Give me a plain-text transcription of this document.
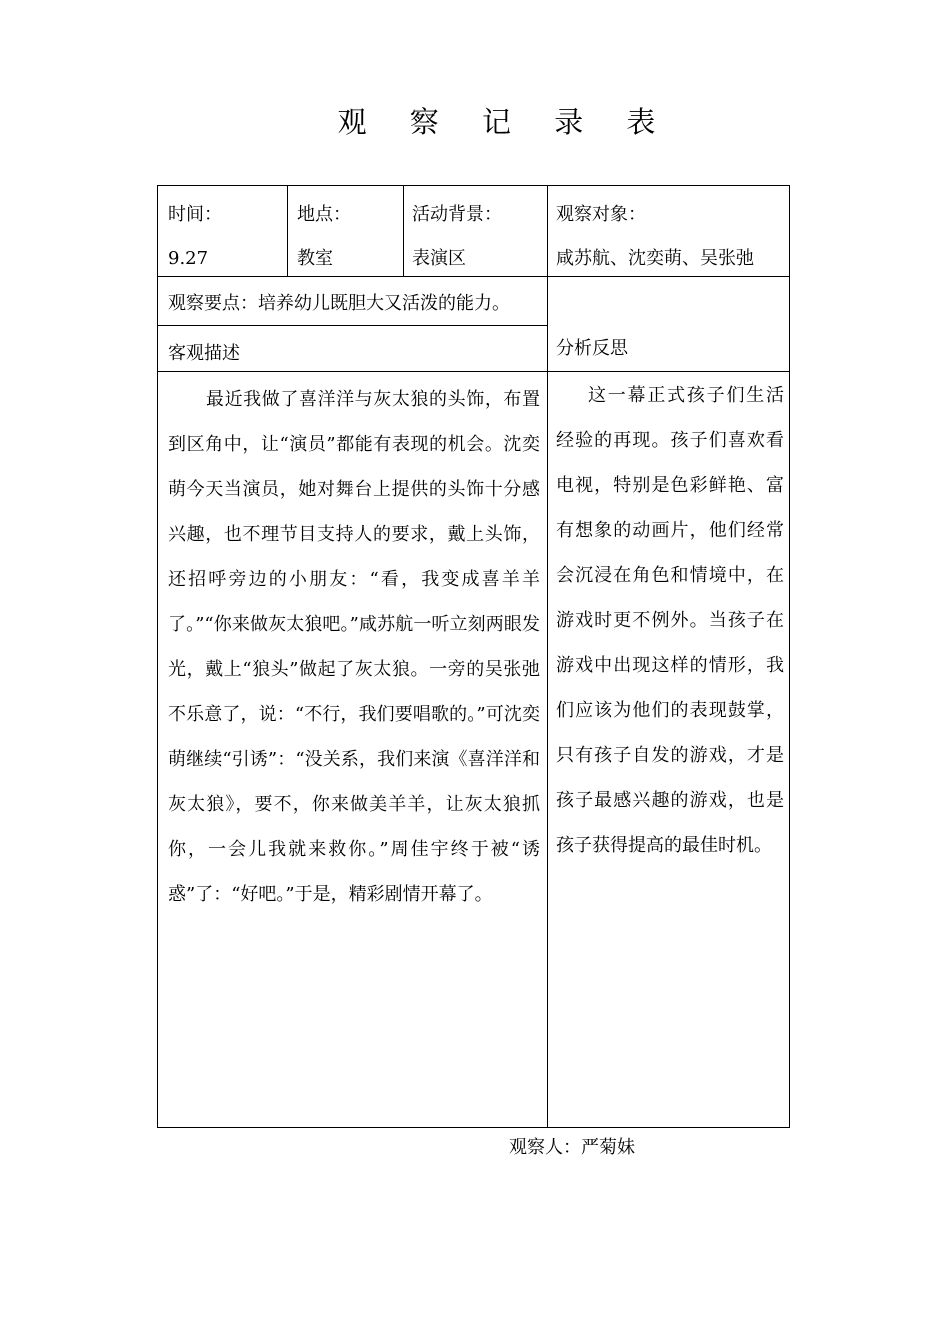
观 察 记 录 表
时间：
9.27
地点：
教室
活动背景：
表演区
观察对象：
咸苏航、沈奕萌、吴张弛
观察要点：培养幼儿既胆大又活泼的能力。
客观描述	分析反思
最近我做了喜洋洋与灰太狼的头饰，布置到区角中，让“演员”都能有表现的机会。沈奕萌今天当演员，她对舞台上提供的头饰十分感兴趣，也不理节目支持人的要求，戴上头饰，还招呼旁边的小朋友：“看，我变成喜羊羊了。”“你来做灰太狼吧。”咸苏航一听立刻两眼发光，戴上“狼头”做起了灰太狼。一旁的吴张弛不乐意了，说：“不行，我们要唱歌的。”可沈奕萌继续“引诱”：“没关系，我们来演《喜洋洋和灰太狼》，要不，你来做美羊羊，让灰太狼抓你，一会儿我就来救你。”周佳宇终于被“诱惑”了：“好吧。”于是，精彩剧情开幕了。
这一幕正式孩子们生活经验的再现。孩子们喜欢看电视，特别是色彩鲜艳、富有想象的动画片，他们经常会沉浸在角色和情境中，在游戏时更不例外。当孩子在游戏中出现这样的情形，我们应该为他们的表现鼓掌，只有孩子自发的游戏，才是孩子最感兴趣的游戏，也是孩子获得提高的最佳时机。
观察人：严菊妹
